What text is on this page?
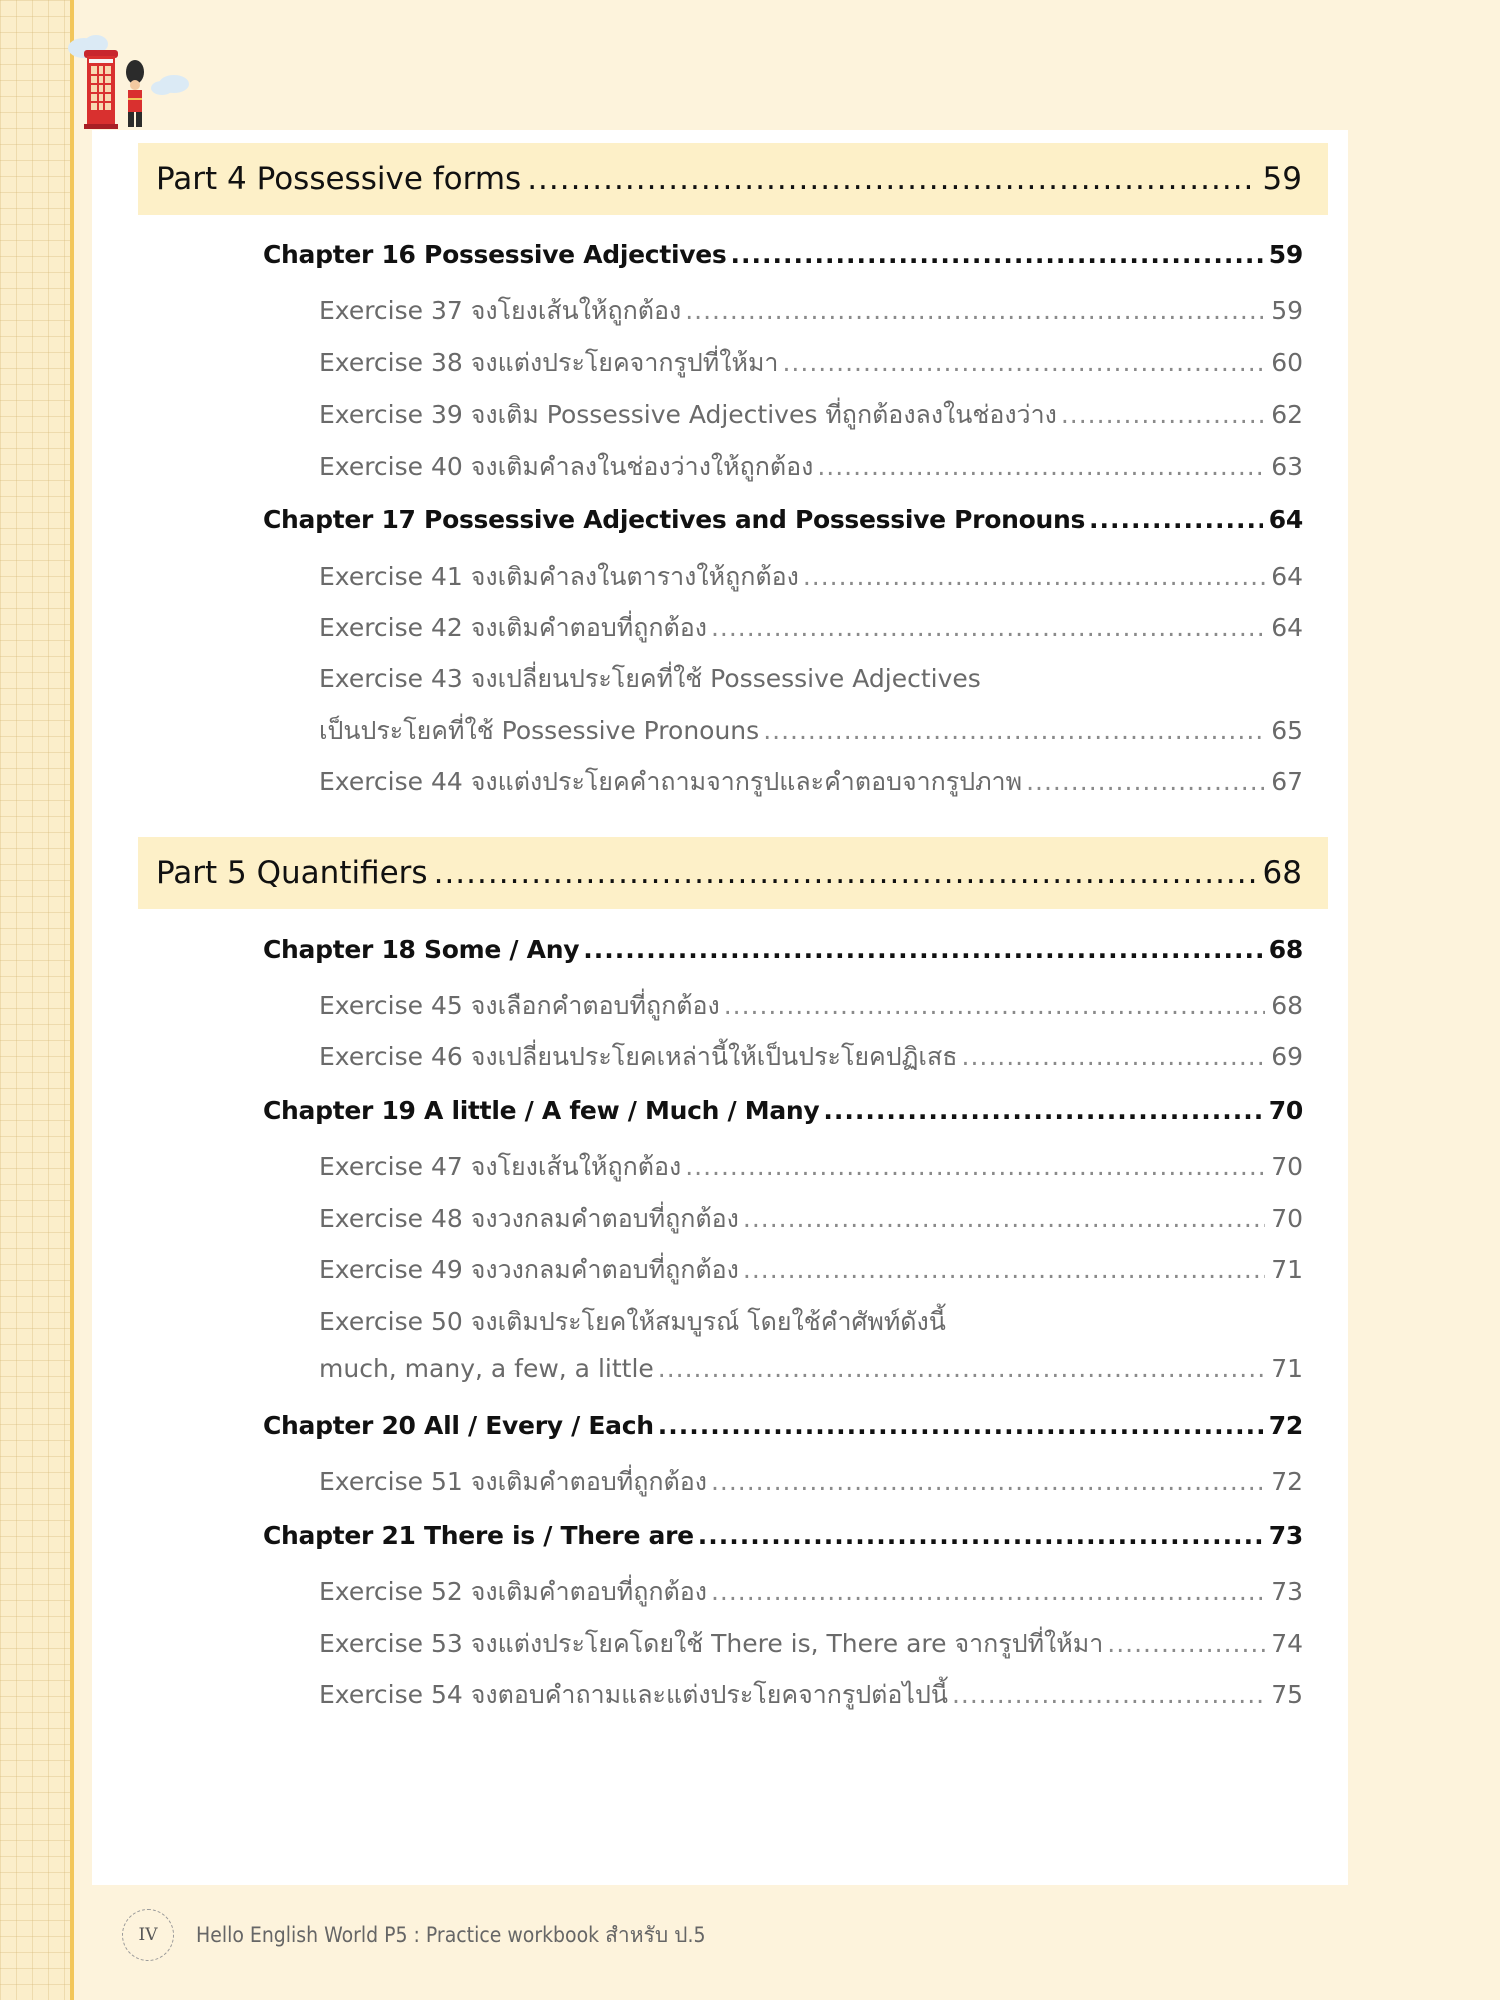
Part 4 Possessive forms .....	59
Chapter 16 Possessive Adjectives .....	59
Exercise 37 จงโยงเส้นให้ถูกต้อง .....	59
Exercise 38 จงแต่งประโยคจากรูปที่ให้มา .....	60
Exercise 39 จงเติม Possessive Adjectives ที่ถูกต้องลงในช่องว่าง .....	62
Exercise 40 จงเติมคำลงในช่องว่างให้ถูกต้อง .....	63
Chapter 17 Possessive Adjectives and Possessive Pronouns .....	64
Exercise 41 จงเติมคำลงในตารางให้ถูกต้อง .....	64
Exercise 42 จงเติมคำตอบที่ถูกต้อง .....	64
Exercise 43 จงเปลี่ยนประโยคที่ใช้ Possessive Adjectives
เป็นประโยคที่ใช้ Possessive Pronouns .....	65
Exercise 44 จงแต่งประโยคคำถามจากรูปและคำตอบจากรูปภาพ .....	67
Part 5 Quantifiers .....	68
Chapter 18 Some / Any .....	68
Exercise 45 จงเลือกคำตอบที่ถูกต้อง .....	68
Exercise 46 จงเปลี่ยนประโยคเหล่านี้ให้เป็นประโยคปฏิเสธ .....	69
Chapter 19 A little / A few / Much / Many .....	70
Exercise 47 จงโยงเส้นให้ถูกต้อง .....	70
Exercise 48 จงวงกลมคำตอบที่ถูกต้อง .....	70
Exercise 49 จงวงกลมคำตอบที่ถูกต้อง .....	71
Exercise 50 จงเติมประโยคให้สมบูรณ์ โดยใช้คำศัพท์ดังนี้
much, many, a few, a little .....	71
Chapter 20 All / Every / Each .....	72
Exercise 51 จงเติมคำตอบที่ถูกต้อง .....	72
Chapter 21 There is / There are .....	73
Exercise 52 จงเติมคำตอบที่ถูกต้อง .....	73
Exercise 53 จงแต่งประโยคโดยใช้ There is, There are จากรูปที่ให้มา .....	74
Exercise 54 จงตอบคำถามและแต่งประโยคจากรูปต่อไปนี้ .....	75
IV	Hello English World P5 : Practice workbook สำหรับ ป.5
